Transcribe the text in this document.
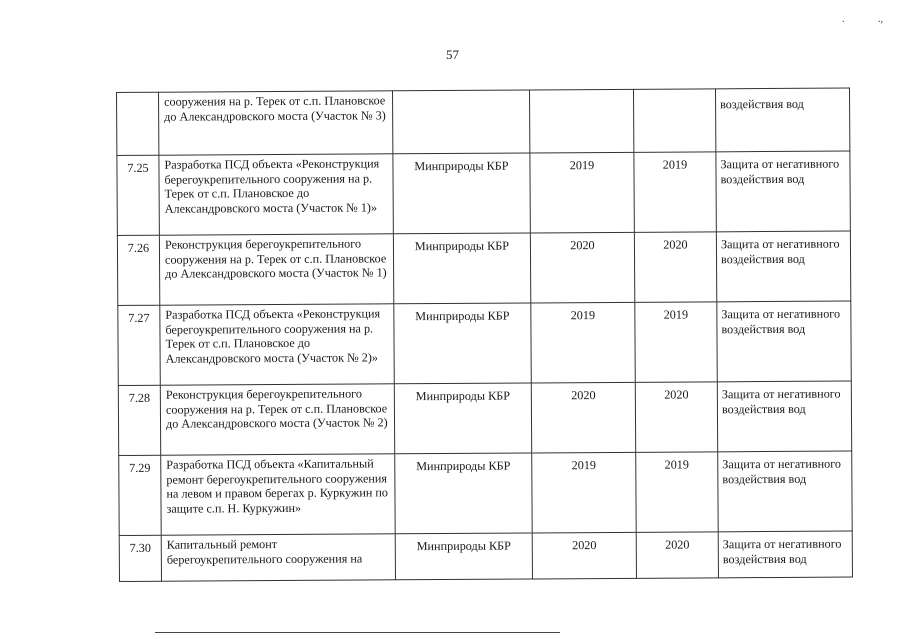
57
.	.,
	сооружения на р. Терек от с.п. Плановское до Александровского моста (Участок № 3)				воздействия вод
7.25	Разработка ПСД объекта «Реконструкция берегоукрепительного сооружения на р. Терек от с.п. Плановское до Александровского моста (Участок № 1)»	Минприроды КБР	2019	2019	Защита от негативного воздействия вод
7.26	Реконструкция берегоукрепительного сооружения на р. Терек от с.п. Плановское до Александровского моста (Участок № 1)	Минприроды КБР	2020	2020	Защита от негативного воздействия вод
7.27	Разработка ПСД объекта «Реконструкция берегоукрепительного сооружения на р. Терек от с.п. Плановское до Александровского моста (Участок № 2)»	Минприроды КБР	2019	2019	Защита от негативного воздействия вод
7.28	Реконструкция берегоукрепительного сооружения на р. Терек от с.п. Плановское до Александровского моста (Участок № 2)	Минприроды КБР	2020	2020	Защита от негативного воздействия вод
7.29	Разработка ПСД объекта «Капитальный ремонт берегоукрепительного сооружения на левом и правом берегах р. Куркужин по защите с.п. Н. Куркужин»	Минприроды КБР	2019	2019	Защита от негативного воздействия вод
7.30	Капитальный ремонт берегоукрепительного сооружения на	Минприроды КБР	2020	2020	Защита от негативного воздействия вод
